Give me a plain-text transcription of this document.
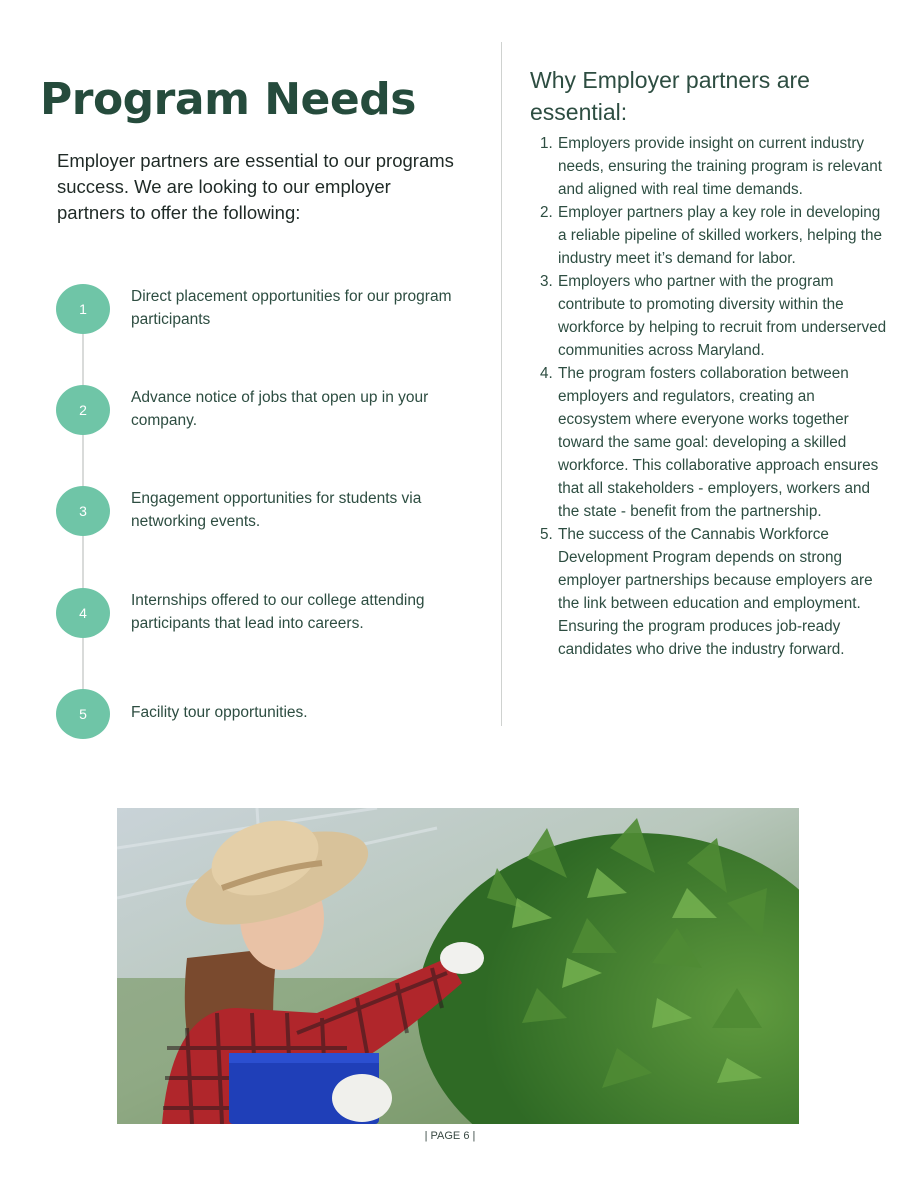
Program Needs

Employer partners are essential to our programs success. We are looking to our employer partners to offer the following:

1

Direct placement opportunities for our program participants

2

Advance notice of jobs that open up in your company.

3

Engagement opportunities for students via networking events.

4

Internships offered to our college attending participants that lead into careers.

5	Facility tour opportunities.

Why Employer partners are essential:
1. Employers provide insight on current industry needs, ensuring the training program is relevant and aligned with real time demands.
2. Employer partners play a key role in developing a reliable pipeline of skilled workers, helping the industry meet it’s demand for labor.
3. Employers who partner with the program contribute to promoting diversity within the workforce by helping to recruit from underserved communities across Maryland.
4. The program fosters collaboration between employers and regulators, creating an ecosystem where everyone works together toward the same goal: developing a skilled workforce. This collaborative approach ensures that all stakeholders - employers, workers and the state - benefit from the partnership.
5. The success of the Cannabis Workforce Development Program depends on strong employer partnerships because employers are the link between education and employment. Ensuring the program produces job-ready candidates who drive the industry forward.
| PAGE 6 |
